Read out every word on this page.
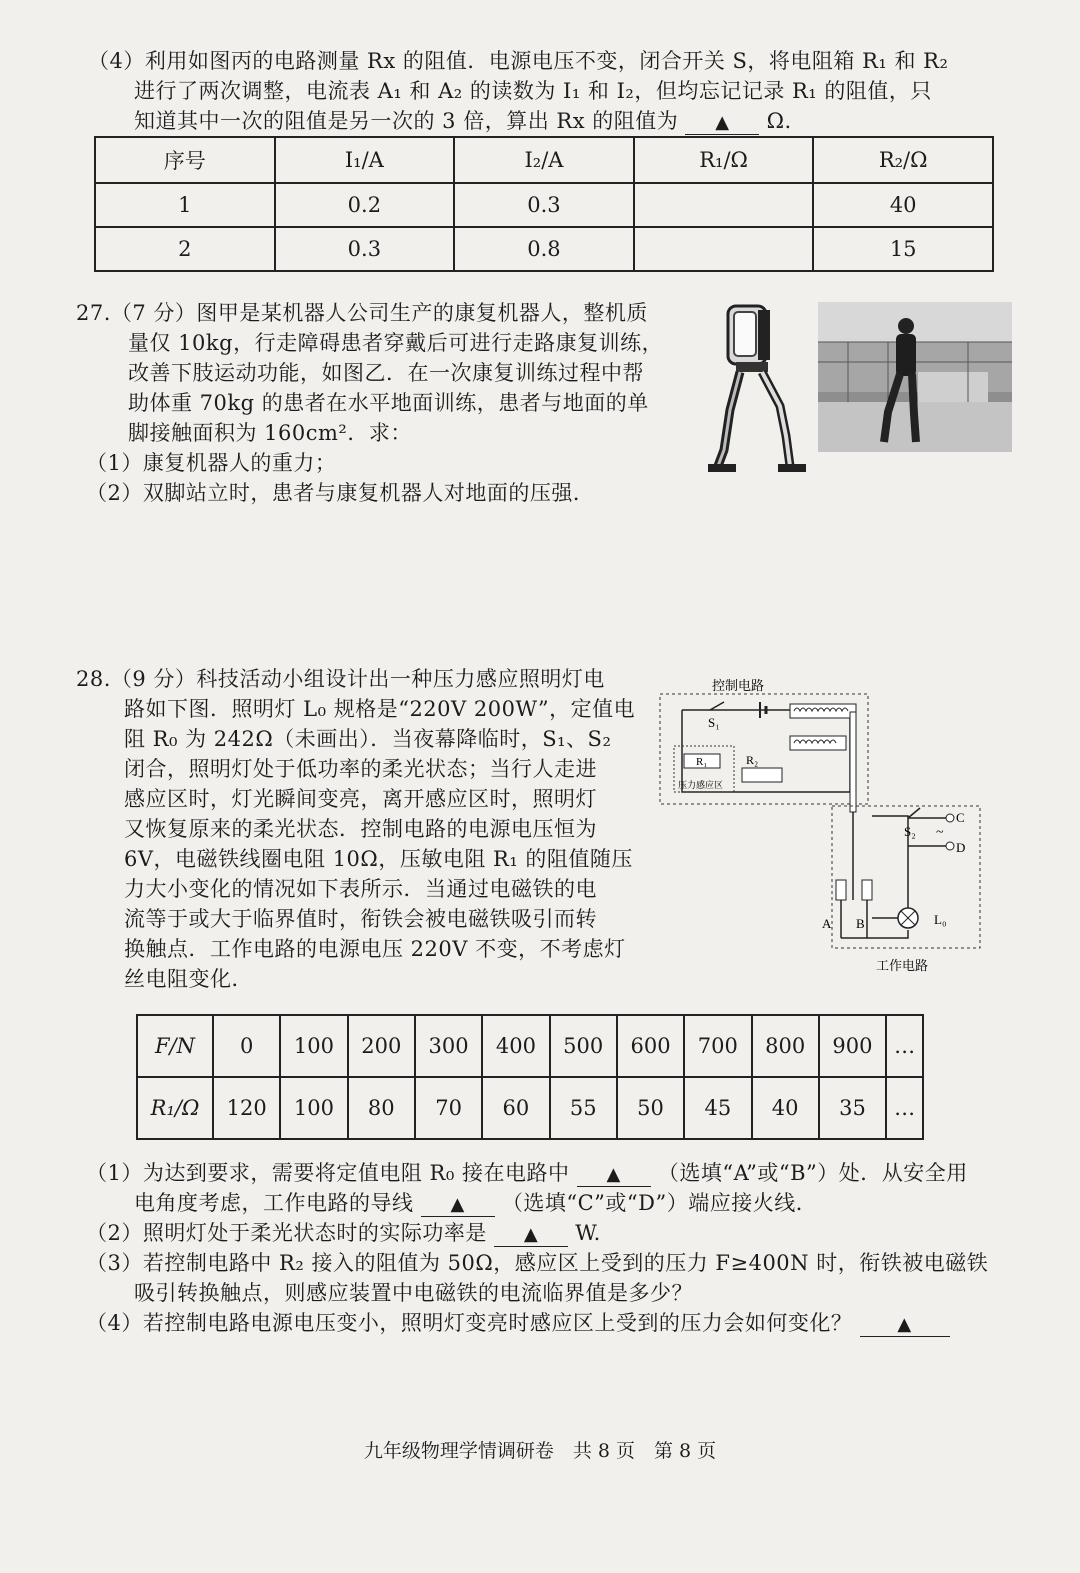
（4）利用如图丙的电路测量 Rx 的阻值．电源电压不变，闭合开关 S，将电阻箱 R₁ 和 R₂
进行了两次调整，电流表 A₁ 和 A₂ 的读数为 I₁ 和 I₂，但均忘记记录 R₁ 的阻值，只
知道其中一次的阻值是另一次的 3 倍，算出 Rx 的阻值为 ▲ Ω.
序号	I₁/A	I₂/A	R₁/Ω	R₂/Ω
1	0.2	0.3		40
2	0.3	0.8		15
27.（7 分）图甲是某机器人公司生产的康复机器人，整机质
量仅 10kg，行走障碍患者穿戴后可进行走路康复训练，
改善下肢运动功能，如图乙．在一次康复训练过程中帮
助体重 70kg 的患者在水平地面训练，患者与地面的单
脚接触面积为 160cm²．求：
（1）康复机器人的重力；
（2）双脚站立时，患者与康复机器人对地面的压强．
28.（9 分）科技活动小组设计出一种压力感应照明灯电
路如下图．照明灯 L₀ 规格是“220V 200W”，定值电
阻 R₀ 为 242Ω（未画出）．当夜幕降临时，S₁、S₂
闭合，照明灯处于低功率的柔光状态；当行人走进
感应区时，灯光瞬间变亮，离开感应区时，照明灯
又恢复原来的柔光状态．控制电路的电源电压恒为
6V，电磁铁线圈电阻 10Ω，压敏电阻 R₁ 的阻值随压
力大小变化的情况如下表所示．当通过电磁铁的电
流等于或大于临界值时，衔铁会被电磁铁吸引而转
换触点．工作电路的电源电压 220V 不变，不考虑灯
丝电阻变化．
控制电路
S₁
R₁
压力感应区
R₂
S₂
C
D
~
A B	L₀
工作电路
F/N	0	100	200	300	400	500	600	700	800	900	…
R₁/Ω	120	100	80	70	60	55	50	45	40	35	…
（1）为达到要求，需要将定值电阻 R₀ 接在电路中 ▲ （选填“A”或“B”）处．从安全用
电角度考虑，工作电路的导线 ▲ （选填“C”或“D”）端应接火线．
（2）照明灯处于柔光状态时的实际功率是 ▲ W.
（3）若控制电路中 R₂ 接入的阻值为 50Ω，感应区上受到的压力 F≥400N 时，衔铁被电磁铁
吸引转换触点，则感应装置中电磁铁的电流临界值是多少？
（4）若控制电路电源电压变小，照明灯变亮时感应区上受到的压力会如何变化？	▲
九年级物理学情调研卷　共 8 页　第 8 页
